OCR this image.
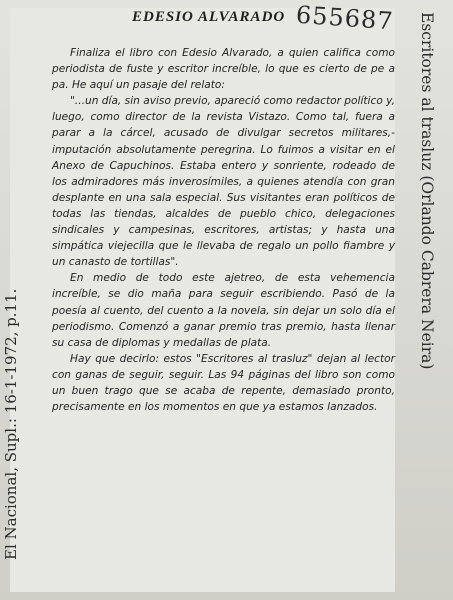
EDESIO ALVARADO

Finaliza el libro con Edesio Alvarado, a quien califica como periodista de fuste y escritor increíble, lo que es cierto de pe a pa. He aquí un pasaje del relato:

"...un día, sin aviso previo, apareció como redactor político y, luego, como director de la revista Vistazo. Como tal, fuera a parar a la cárcel, acusado de divulgar secretos militares,- imputación absolutamente peregrina. Lo fuimos a visitar en el Anexo de Capuchinos. Estaba entero y sonriente, rodeado de los admiradores más inverosímiles, a quienes atendía con gran desplante en una sala especial. Sus visitantes eran políticos de todas las tiendas, alcaldes de pueblo chico, delegaciones sindicales y campesinas, escritores, artistas; y hasta una simpática viejecilla que le llevaba de regalo un pollo fiambre y un canasto de tortillas".

En medio de todo este ajetreo, de esta vehemencia increíble, se dio maña para seguir escribiendo. Pasó de la poesía al cuento, del cuento a la novela, sin dejar un solo día el periodismo. Comenzó a ganar premio tras premio, hasta llenar su casa de diplomas y medallas de plata.

Hay que decirlo: estos "Escritores al trasluz" dejan al lector con ganas de seguir, seguir. Las 94 páginas del libro son como un buen trago que se acaba de repente, demasiado pronto, precisamente en los momentos en que ya estamos lanzados.

655687
El Nacional, Supl.: 16-1-1972, p.11.
Escritores al trasluz (Orlando Cabrera Neira)
